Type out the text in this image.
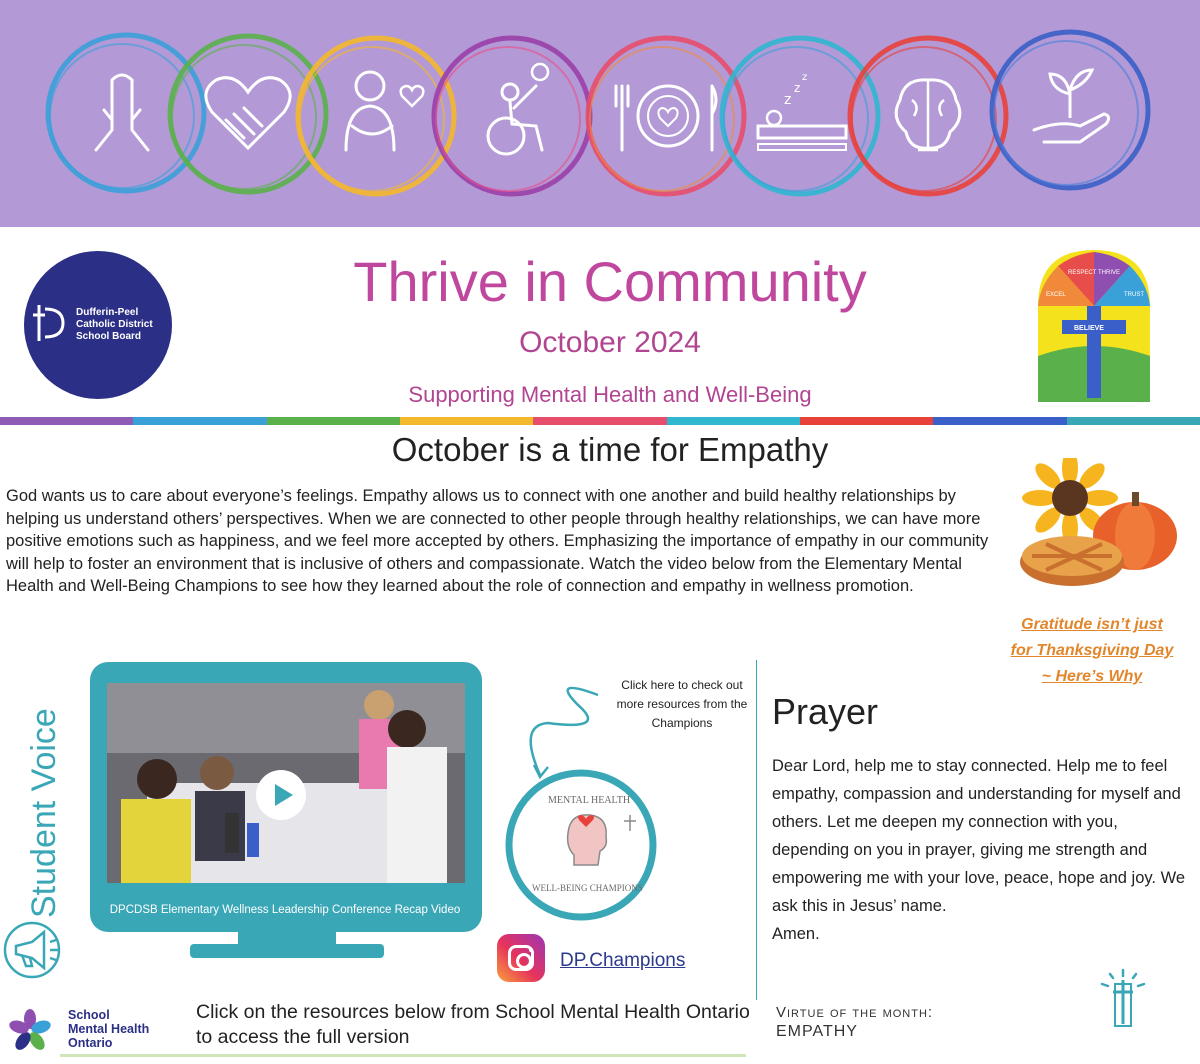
z
z
z
Dufferin-Peel
Catholic District
School Board
Thrive in Community
October 2024
Supporting Mental Health and Well-Being
RESPECT THRIVE
EXCEL	TRUST
BELIEVE
October is a time for Empathy
God wants us to care about everyone’s feelings. Empathy allows us to connect with one another and build healthy relationships by helping us understand others’ perspectives. When we are connected to other people through healthy relationships, we can have more positive emotions such as happiness, and we feel more accepted by others. Emphasizing the importance of empathy in our community will help to foster an environment that is inclusive of others and compassionate. Watch the video below from the Elementary Mental Health and Well-Being Champions to see how they learned about the role of connection and empathy in wellness promotion.
Gratitude isn’t just
for Thanksgiving Day
~ Here’s Why
Student Voice	DPCDSB Elementary Wellness Leadership Conference Recap Video
MENTAL HEALTH
WELL-BEING CHAMPIONS
Click here to check out more resources from the Champions
DP.Champions
Prayer
Dear Lord, help me to stay connected. Help me to feel empathy, compassion and understanding for myself and others. Let me deepen my connection with you, depending on you in prayer, giving me strength and empowering me with your love, peace, hope and joy. We ask this in Jesus’ name.
Amen.
Virtue of the month:
EMPATHY
School
Mental Health
Ontario
Click on the resources below from School Mental Health Ontario to access the full version
